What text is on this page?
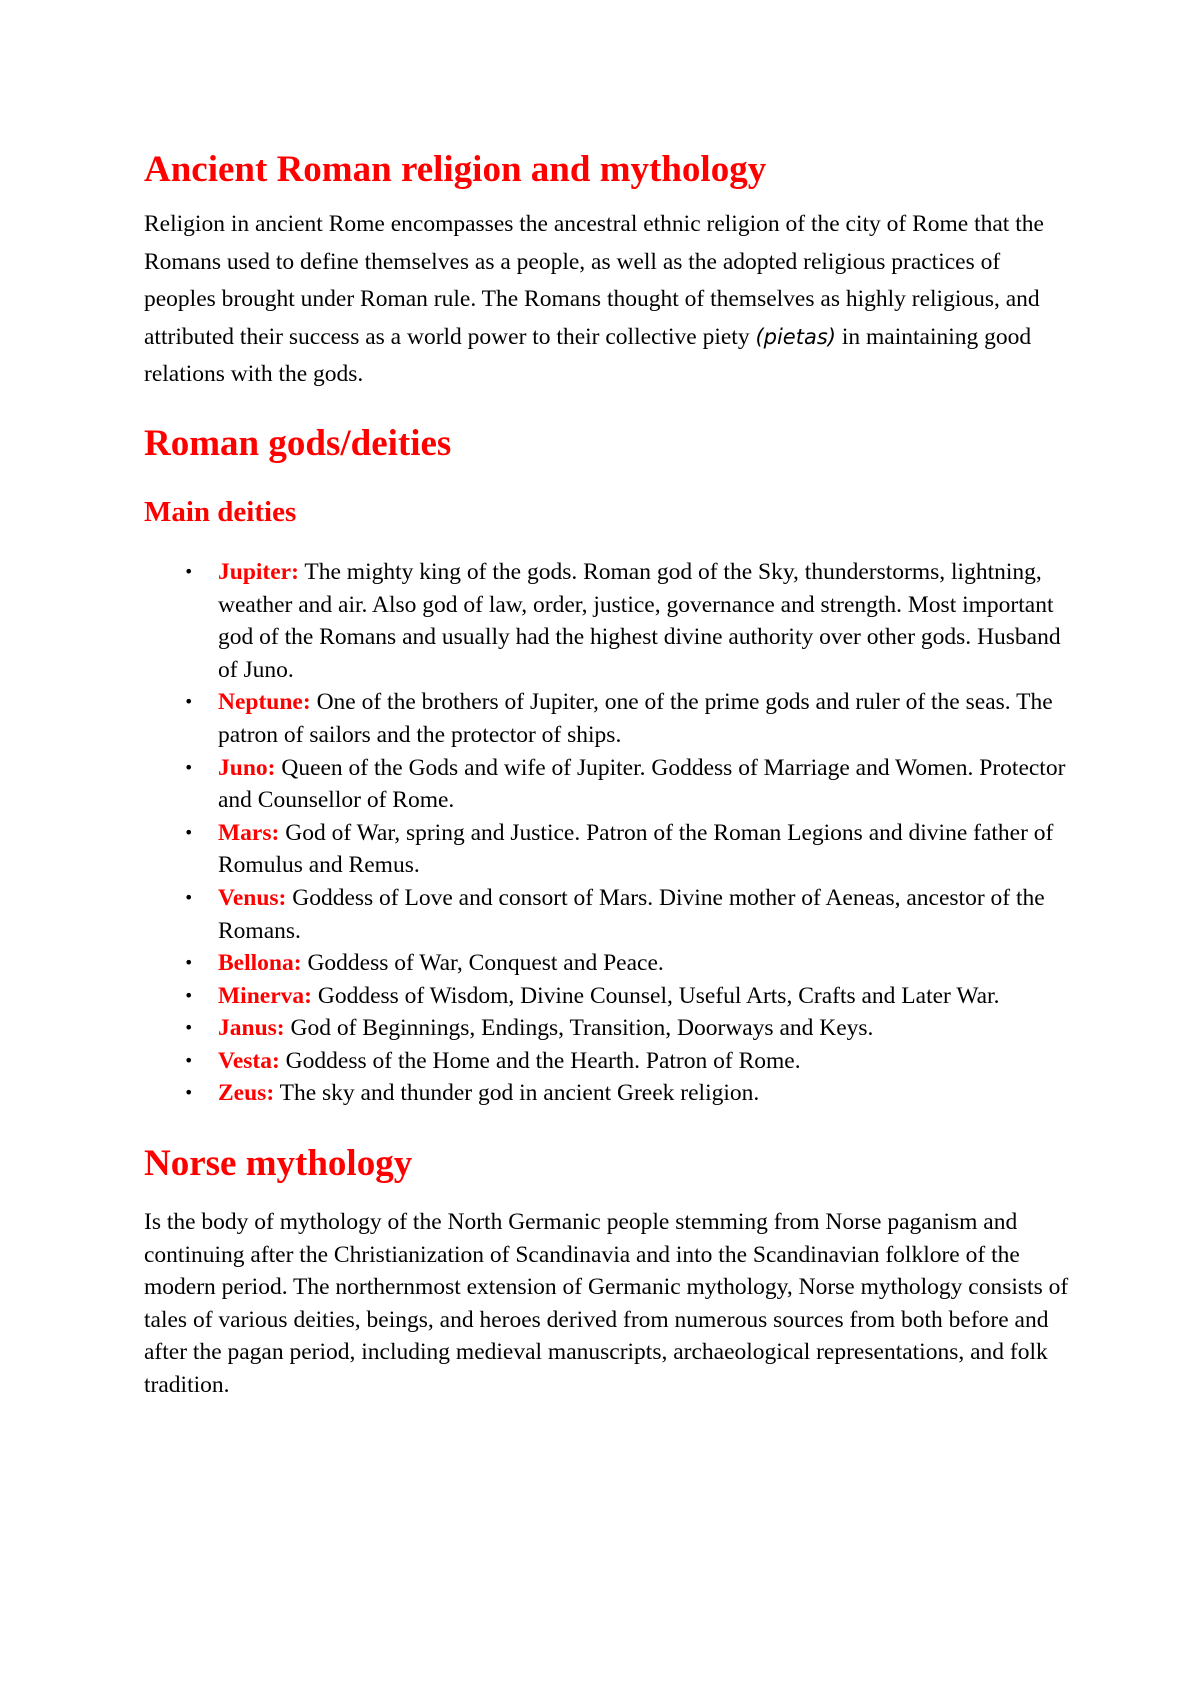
Ancient Roman religion and mythology

Religion in ancient Rome encompasses the ancestral ethnic religion of the city of Rome that the Romans used to define themselves as a people, as well as the adopted religious practices of peoples brought under Roman rule. The Romans thought of themselves as highly religious, and attributed their success as a world power to their collective piety (pietas) in maintaining good relations with the gods.

Roman gods/deities
Main deities
• Jupiter: The mighty king of the gods. Roman god of the Sky, thunderstorms, lightning, weather and air. Also god of law, order, justice, governance and strength. Most important god of the Romans and usually had the highest divine authority over other gods. Husband of Juno.
• Neptune: One of the brothers of Jupiter, one of the prime gods and ruler of the seas. The patron of sailors and the protector of ships.
• Juno: Queen of the Gods and wife of Jupiter. Goddess of Marriage and Women. Protector and Counsellor of Rome.
• Mars: God of War, spring and Justice. Patron of the Roman Legions and divine father of Romulus and Remus.
• Venus: Goddess of Love and consort of Mars. Divine mother of Aeneas, ancestor of the Romans.
• Bellona: Goddess of War, Conquest and Peace.
• Minerva: Goddess of Wisdom, Divine Counsel, Useful Arts, Crafts and Later War.
• Janus: God of Beginnings, Endings, Transition, Doorways and Keys.
• Vesta: Goddess of the Home and the Hearth. Patron of Rome.
• Zeus: The sky and thunder god in ancient Greek religion.
Norse mythology

Is the body of mythology of the North Germanic people stemming from Norse paganism and continuing after the Christianization of Scandinavia and into the Scandinavian folklore of the modern period. The northernmost extension of Germanic mythology, Norse mythology consists of tales of various deities, beings, and heroes derived from numerous sources from both before and after the pagan period, including medieval manuscripts, archaeological representations, and folk tradition.
